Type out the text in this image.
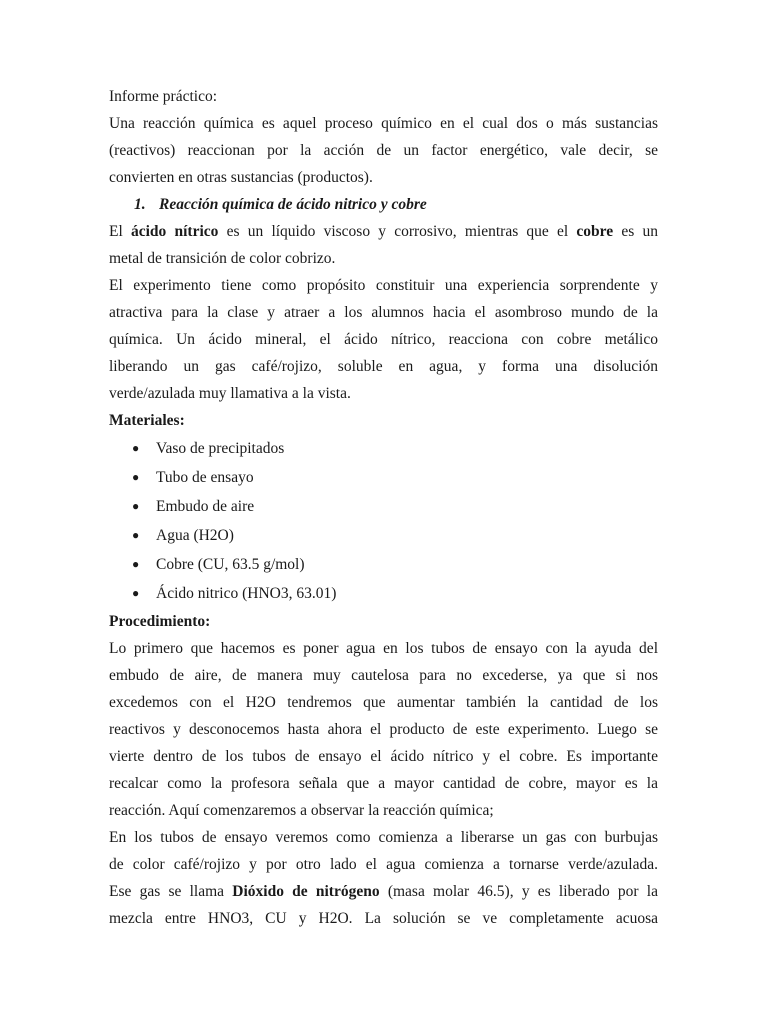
Informe práctico:
Una reacción química es aquel proceso químico en el cual dos o más sustancias
(reactivos) reaccionan por la acción de un factor energético, vale decir, se
convierten en otras sustancias (productos).
1. Reacción química de ácido nitrico y cobre
El ácido nítrico es un líquido viscoso y corrosivo, mientras que el cobre es un
metal de transición de color cobrizo.
El experimento tiene como propósito constituir una experiencia sorprendente y
atractiva para la clase y atraer a los alumnos hacia el asombroso mundo de la
química. Un ácido mineral, el ácido nítrico, reacciona con cobre metálico
liberando un gas café/rojizo, soluble en agua, y forma una disolución
verde/azulada muy llamativa a la vista.
Materiales:
● Vaso de precipitados
● Tubo de ensayo
● Embudo de aire
● Agua (H2O)
● Cobre (CU, 63.5 g/mol)
● Ácido nitrico (HNO3, 63.01)
Procedimiento:
Lo primero que hacemos es poner agua en los tubos de ensayo con la ayuda del
embudo de aire, de manera muy cautelosa para no excederse, ya que si nos
excedemos con el H2O tendremos que aumentar también la cantidad de los
reactivos y desconocemos hasta ahora el producto de este experimento. Luego se
vierte dentro de los tubos de ensayo el ácido nítrico y el cobre. Es importante
recalcar como la profesora señala que a mayor cantidad de cobre, mayor es la
reacción. Aquí comenzaremos a observar la reacción química;
En los tubos de ensayo veremos como comienza a liberarse un gas con burbujas
de color café/rojizo y por otro lado el agua comienza a tornarse verde/azulada.
Ese gas se llama Dióxido de nitrógeno (masa molar 46.5), y es liberado por la
mezcla entre HNO3, CU y H2O. La solución se ve completamente acuosa
